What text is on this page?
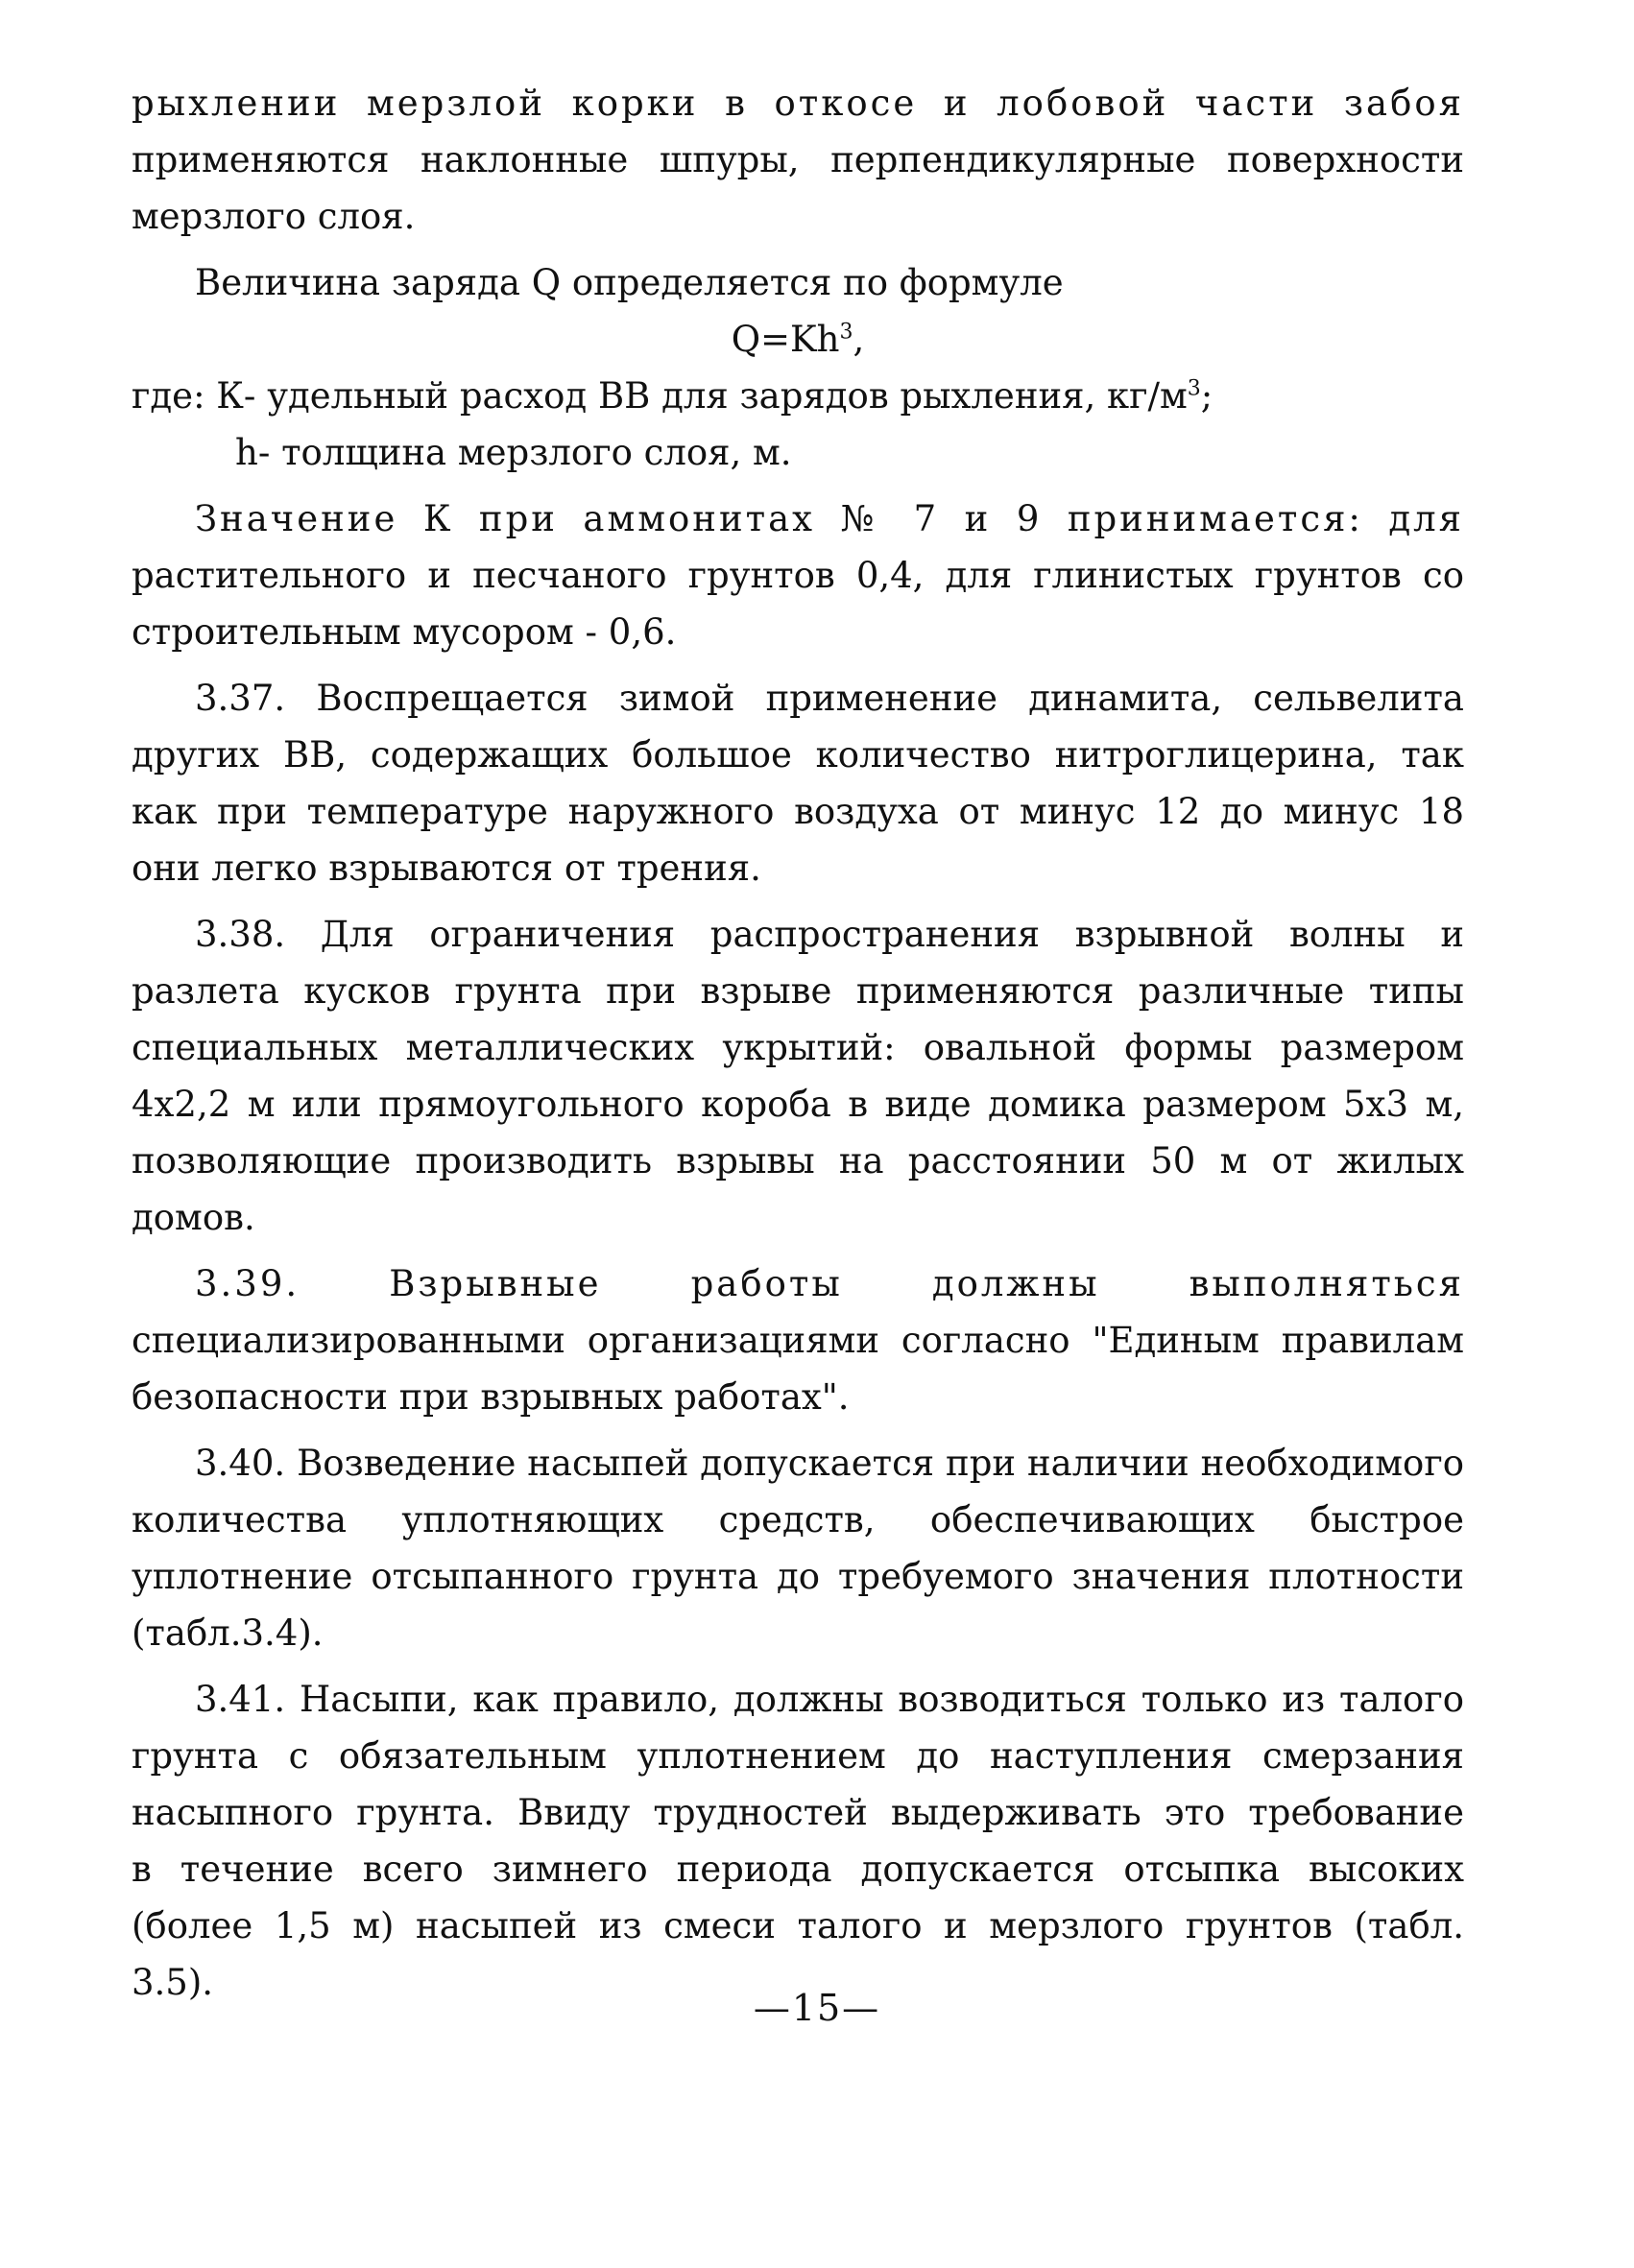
рыхлении мерзлой корки в откосе и лобовой части забоя
применяются наклонные шпуры, перпендикулярные поверхности
мерзлого слоя.
Величина заряда Q определяется по формуле
$Q=Kh^3$,
где: К- удельный расход ВВ для зарядов рыхления, $кг/м^3$;
h- толщина мерзлого слоя, м.
Значение К при аммонитах № 7 и 9 принимается: для
растительного и песчаного грунтов 0,4, для глинистых грунтов со
строительным мусором - 0,6.
3.37. Воспрещается зимой применение динамита, сельвелита
других ВВ, содержащих большое количество нитроглицерина, так
как при температуре наружного воздуха от минус 12 до минус 18
они легко взрываются от трения.
3.38. Для ограничения распространения взрывной волны и
разлета кусков грунта при взрыве применяются различные типы
специальных металлических укрытий: овальной формы размером
4х2,2 м или прямоугольного короба в виде домика размером 5х3 м,
позволяющие производить взрывы на расстоянии 50 м от жилых
домов.
3.39. Взрывные работы должны выполняться
специализированными организациями согласно "Единым правилам
безопасности при взрывных работах".
3.40. Возведение насыпей допускается при наличии необходимого
количества уплотняющих средств, обеспечивающих быстрое
уплотнение отсыпанного грунта до требуемого значения плотности
(табл.3.4).
3.41. Насыпи, как правило, должны возводиться только из талого
грунта с обязательным уплотнением до наступления смерзания
насыпного грунта. Ввиду трудностей выдерживать это требование
в течение всего зимнего периода допускается отсыпка высоких
(более 1,5 м) насыпей из смеси талого и мерзлого грунтов (табл.
3.5).
—15—
